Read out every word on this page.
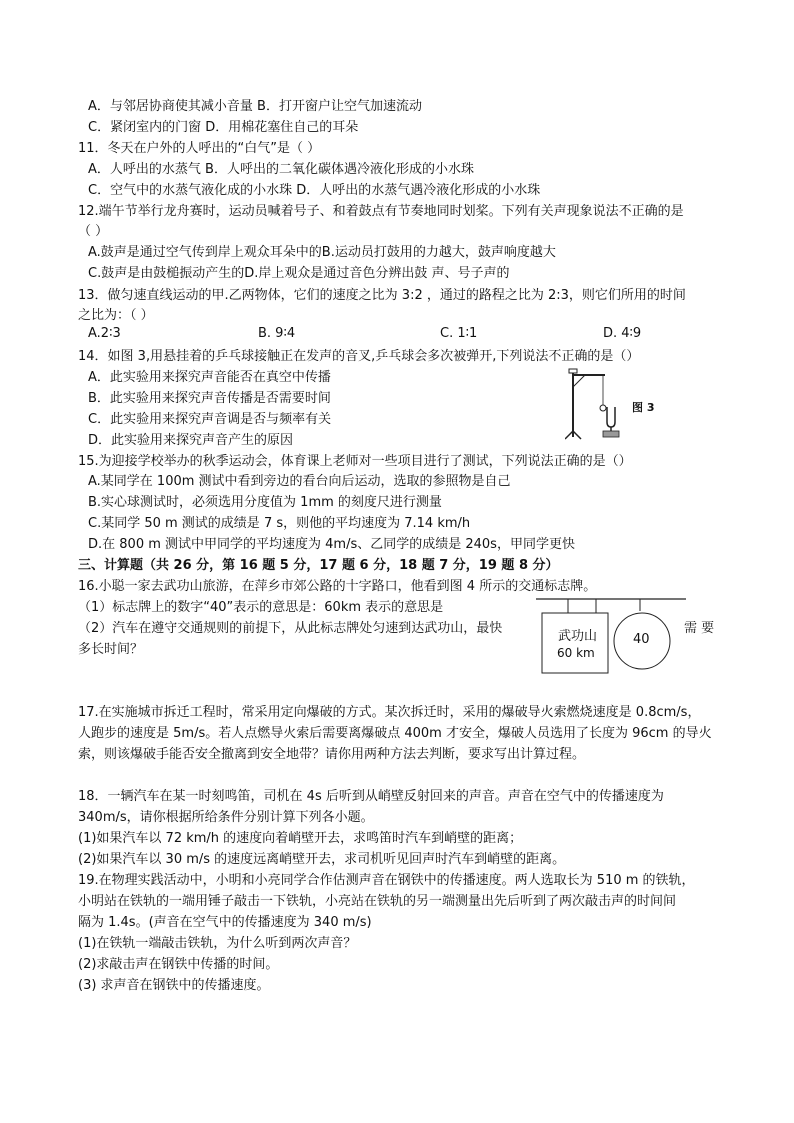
A．与邻居协商使其减小音量 B．打开窗户让空气加速流动
C．紧闭室内的门窗 D．用棉花塞住自己的耳朵
11．冬天在户外的人呼出的“白气”是（ ）
A．人呼出的水蒸气 B．人呼出的二氧化碳体遇冷液化形成的小水珠
C．空气中的水蒸气液化成的小水珠 D．人呼出的水蒸气遇冷液化形成的小水珠
12.端午节举行龙舟赛时，运动员喊着号子、和着鼓点有节奏地同时划桨。下列有关声现象说法不正确的是
（ ）
A.鼓声是通过空气传到岸上观众耳朵中的B.运动员打鼓用的力越大，鼓声响度越大
C.鼓声是由鼓槌振动产生的D.岸上观众是通过音色分辨出鼓 声、号子声的
13．做匀速直线运动的甲.乙两物体，它们的速度之比为 3:2 ，通过的路程之比为 2:3，则它们所用的时间
之比为：（ ）
A.2∶3	B. 9∶4	C. 1∶1	D. 4∶9
14．如图 3,用悬挂着的乒乓球接触正在发声的音叉,乒乓球会多次被弹开,下列说法不正确的是（）
A．此实验用来探究声音能否在真空中传播
B．此实验用来探究声音传播是否需要时间
C．此实验用来探究声音调是否与频率有关
D．此实验用来探究声音产生的原因
图 3
15.为迎接学校举办的秋季运动会，体育课上老师对一些项目进行了测试，下列说法正确的是（）
A.某同学在 100m 测试中看到旁边的看台向后运动，选取的参照物是自己
B.实心球测试时，必须选用分度值为 1mm 的刻度尺进行测量
C.某同学 50 m 测试的成绩是 7 s，则他的平均速度为 7.14 km/h
D.在 800 m 测试中甲同学的平均速度为 4m/s、乙同学的成绩是 240s，甲同学更快
三、计算题（共 26 分，第 16 题 5 分，17 题 6 分，18 题 7 分，19 题 8 分）
16.小聪一家去武功山旅游，在萍乡市郊公路的十字路口，他看到图 4 所示的交通标志牌。
（1）标志牌上的数字“40”表示的意思是：60km 表示的意思是
（2）汽车在遵守交通规则的前提下，从此标志牌处匀速到达武功山，最快	需 要
多长时间？
武功山
60 km
40
17.在实施城市拆迁工程时，常采用定向爆破的方式。某次拆迁时，采用的爆破导火索燃烧速度是 0.8cm/s，
人跑步的速度是 5m/s。若人点燃导火索后需要离爆破点 400m 才安全，爆破人员选用了长度为 96cm 的导火
索，则该爆破手能否安全撤离到安全地带？请你用两种方法去判断，要求写出计算过程。
18．一辆汽车在某一时刻鸣笛，司机在 4s 后听到从峭壁反射回来的声音。声音在空气中的传播速度为
340m/s，请你根据所给条件分别计算下列各小题。
(1)如果汽车以 72 km/h 的速度向着峭壁开去，求鸣笛时汽车到峭壁的距离；
(2)如果汽车以 30 m/s 的速度远离峭壁开去，求司机听见回声时汽车到峭壁的距离。
19.在物理实践活动中，小明和小亮同学合作估测声音在钢铁中的传播速度。两人选取长为 510 m 的铁轨，
小明站在铁轨的一端用锤子敲击一下铁轨，小亮站在铁轨的另一端测量出先后听到了两次敲击声的时间间
隔为 1.4s。(声音在空气中的传播速度为 340 m/s)
(1)在铁轨一端敲击铁轨，为什么听到两次声音？
(2)求敲击声在钢铁中传播的时间。
(3) 求声音在钢铁中的传播速度。
